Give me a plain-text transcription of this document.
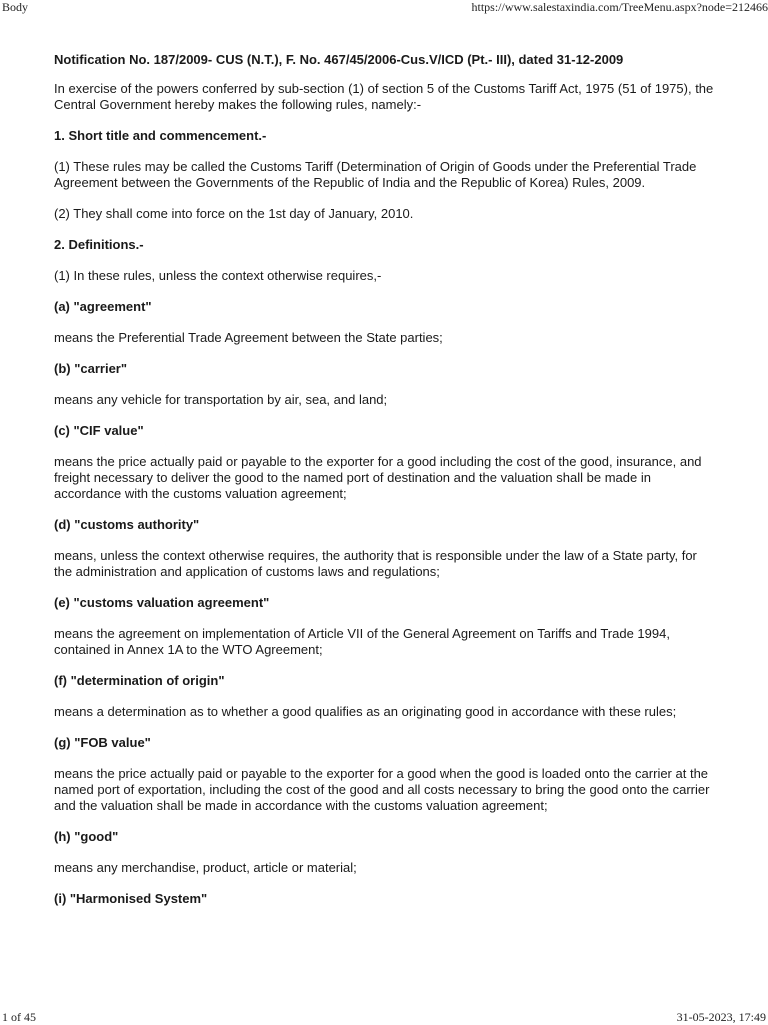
Body	https://www.salestaxindia.com/TreeMenu.aspx?node=212466

Notification No. 187/2009- CUS (N.T.), F. No. 467/45/2006-Cus.V/ICD (Pt.- III), dated 31-12-2009

In exercise of the powers conferred by sub-section (1) of section 5 of the Customs Tariff Act, 1975 (51 of 1975), the Central Government hereby makes the following rules, namely:-

1. Short title and commencement.-

(1) These rules may be called the Customs Tariff (Determination of Origin of Goods under the Preferential Trade Agreement between the Governments of the Republic of India and the Republic of Korea) Rules, 2009.

(2) They shall come into force on the 1st day of January, 2010.

2. Definitions.-

(1) In these rules, unless the context otherwise requires,-

(a) "agreement"

means the Preferential Trade Agreement between the State parties;

(b) "carrier"

means any vehicle for transportation by air, sea, and land;

(c) "CIF value"

means the price actually paid or payable to the exporter for a good including the cost of the good, insurance, and freight necessary to deliver the good to the named port of destination and the valuation shall be made in accordance with the customs valuation agreement;

(d) "customs authority"

means, unless the context otherwise requires, the authority that is responsible under the law of a State party, for the administration and application of customs laws and regulations;

(e) "customs valuation agreement"

means the agreement on implementation of Article VII of the General Agreement on Tariffs and Trade 1994, contained in Annex 1A to the WTO Agreement;

(f) "determination of origin"

means a determination as to whether a good qualifies as an originating good in accordance with these rules;

(g) "FOB value"

means the price actually paid or payable to the exporter for a good when the good is loaded onto the carrier at the named port of exportation, including the cost of the good and all costs necessary to bring the good onto the carrier and the valuation shall be made in accordance with the customs valuation agreement;

(h) "good"

means any merchandise, product, article or material;

(i) "Harmonised System"

1 of 45	31-05-2023, 17:49
